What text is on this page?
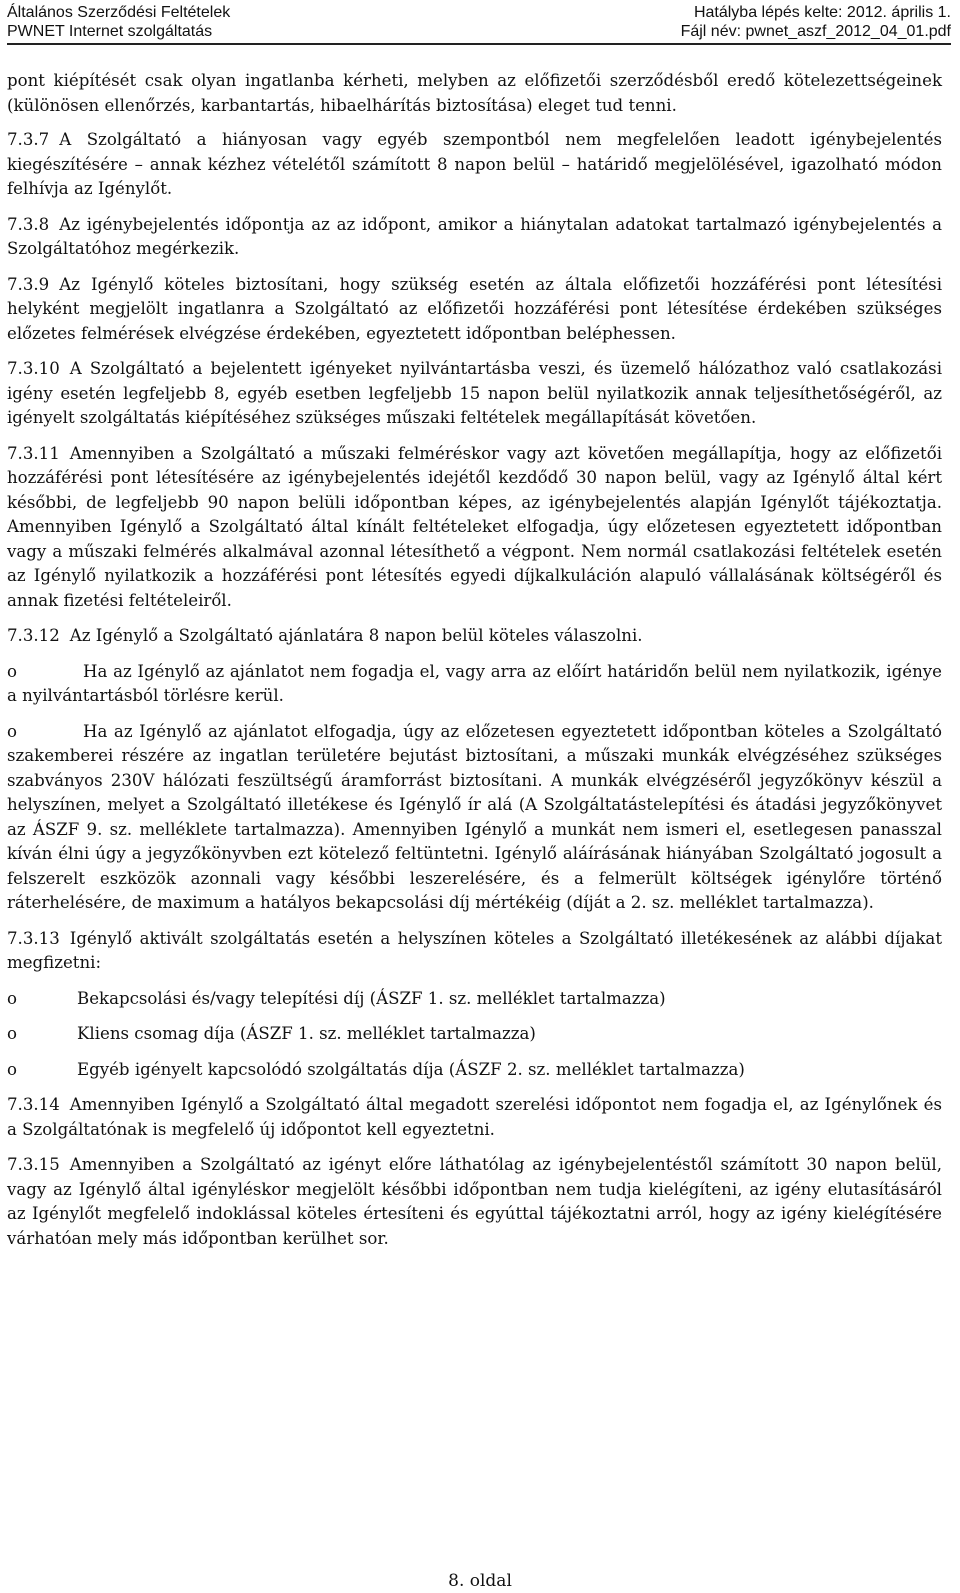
Általános Szerződési Feltételek
PWNET Internet szolgáltatás
Hatályba lépés kelte: 2012. április 1.
Fájl név: pwnet_aszf_2012_04_01.pdf

pont kiépítését csak olyan ingatlanba kérheti, melyben az előfizetői szerződésből eredő kötelezettségeinek (különösen ellenőrzés, karbantartás, hibaelhárítás biztosítása) eleget tud tenni.

7.3.7 A Szolgáltató a hiányosan vagy egyéb szempontból nem megfelelően leadott igénybejelentés kiegészítésére – annak kézhez vételétől számított 8 napon belül – határidő megjelölésével, igazolható módon felhívja az Igénylőt.

7.3.8 Az igénybejelentés időpontja az az időpont, amikor a hiánytalan adatokat tartalmazó igénybejelentés a Szolgáltatóhoz megérkezik.

7.3.9 Az Igénylő köteles biztosítani, hogy szükség esetén az általa előfizetői hozzáférési pont létesítési helyként megjelölt ingatlanra a Szolgáltató az előfizetői hozzáférési pont létesítése érdekében szükséges előzetes felmérések elvégzése érdekében, egyeztetett időpontban beléphessen.

7.3.10 A Szolgáltató a bejelentett igényeket nyilvántartásba veszi, és üzemelő hálózathoz való csatlakozási igény esetén legfeljebb 8, egyéb esetben legfeljebb 15 napon belül nyilatkozik annak teljesíthetőségéről, az igényelt szolgáltatás kiépítéséhez szükséges műszaki feltételek megállapítását követően.

7.3.11 Amennyiben a Szolgáltató a műszaki felméréskor vagy azt követően megállapítja, hogy az előfizetői hozzáférési pont létesítésére az igénybejelentés idejétől kezdődő 30 napon belül, vagy az Igénylő által kért későbbi, de legfeljebb 90 napon belüli időpontban képes, az igénybejelentés alapján Igénylőt tájékoztatja. Amennyiben Igénylő a Szolgáltató által kínált feltételeket elfogadja, úgy előzetesen egyeztetett időpontban vagy a műszaki felmérés alkalmával azonnal létesíthető a végpont. Nem normál csatlakozási feltételek esetén az Igénylő nyilatkozik a hozzáférési pont létesítés egyedi díjkalkuláción alapuló vállalásának költségéről és annak fizetési feltételeiről.

7.3.12 Az Igénylő a Szolgáltató ajánlatára 8 napon belül köteles válaszolni.

o	Ha az Igénylő az ajánlatot nem fogadja el, vagy arra az előírt határidőn belül nem nyilatkozik, igénye a nyilvántartásból törlésre kerül.

o	Ha az Igénylő az ajánlatot elfogadja, úgy az előzetesen egyeztetett időpontban köteles a Szolgáltató szakemberei részére az ingatlan területére bejutást biztosítani, a műszaki munkák elvégzéséhez szükséges szabványos 230V hálózati feszültségű áramforrást biztosítani. A munkák elvégzéséről jegyzőkönyv készül a helyszínen, melyet a Szolgáltató illetékese és Igénylő ír alá (A Szolgáltatástelepítési és átadási jegyzőkönyvet az ÁSZF 9. sz. melléklete tartalmazza). Amennyiben Igénylő a munkát nem ismeri el, esetlegesen panasszal kíván élni úgy a jegyzőkönyvben ezt kötelező feltüntetni. Igénylő aláírásának hiányában Szolgáltató jogosult a felszerelt eszközök azonnali vagy későbbi leszerelésére, és a felmerült költségek igénylőre történő ráterhelésére, de maximum a hatályos bekapcsolási díj mértékéig (díját a 2. sz. melléklet tartalmazza).

7.3.13 Igénylő aktivált szolgáltatás esetén a helyszínen köteles a Szolgáltató illetékesének az alábbi díjakat megfizetni:

o	Bekapcsolási és/vagy telepítési díj (ÁSZF 1. sz. melléklet tartalmazza)

o	Kliens csomag díja (ÁSZF 1. sz. melléklet tartalmazza)

o	Egyéb igényelt kapcsolódó szolgáltatás díja (ÁSZF 2. sz. melléklet tartalmazza)

7.3.14 Amennyiben Igénylő a Szolgáltató által megadott szerelési időpontot nem fogadja el, az Igénylőnek és a Szolgáltatónak is megfelelő új időpontot kell egyeztetni.

7.3.15 Amennyiben a Szolgáltató az igényt előre láthatólag az igénybejelentéstől számított 30 napon belül, vagy az Igénylő által igényléskor megjelölt későbbi időpontban nem tudja kielégíteni, az igény elutasításáról az Igénylőt megfelelő indoklással köteles értesíteni és egyúttal tájékoztatni arról, hogy az igény kielégítésére várhatóan mely más időpontban kerülhet sor.

8. oldal
